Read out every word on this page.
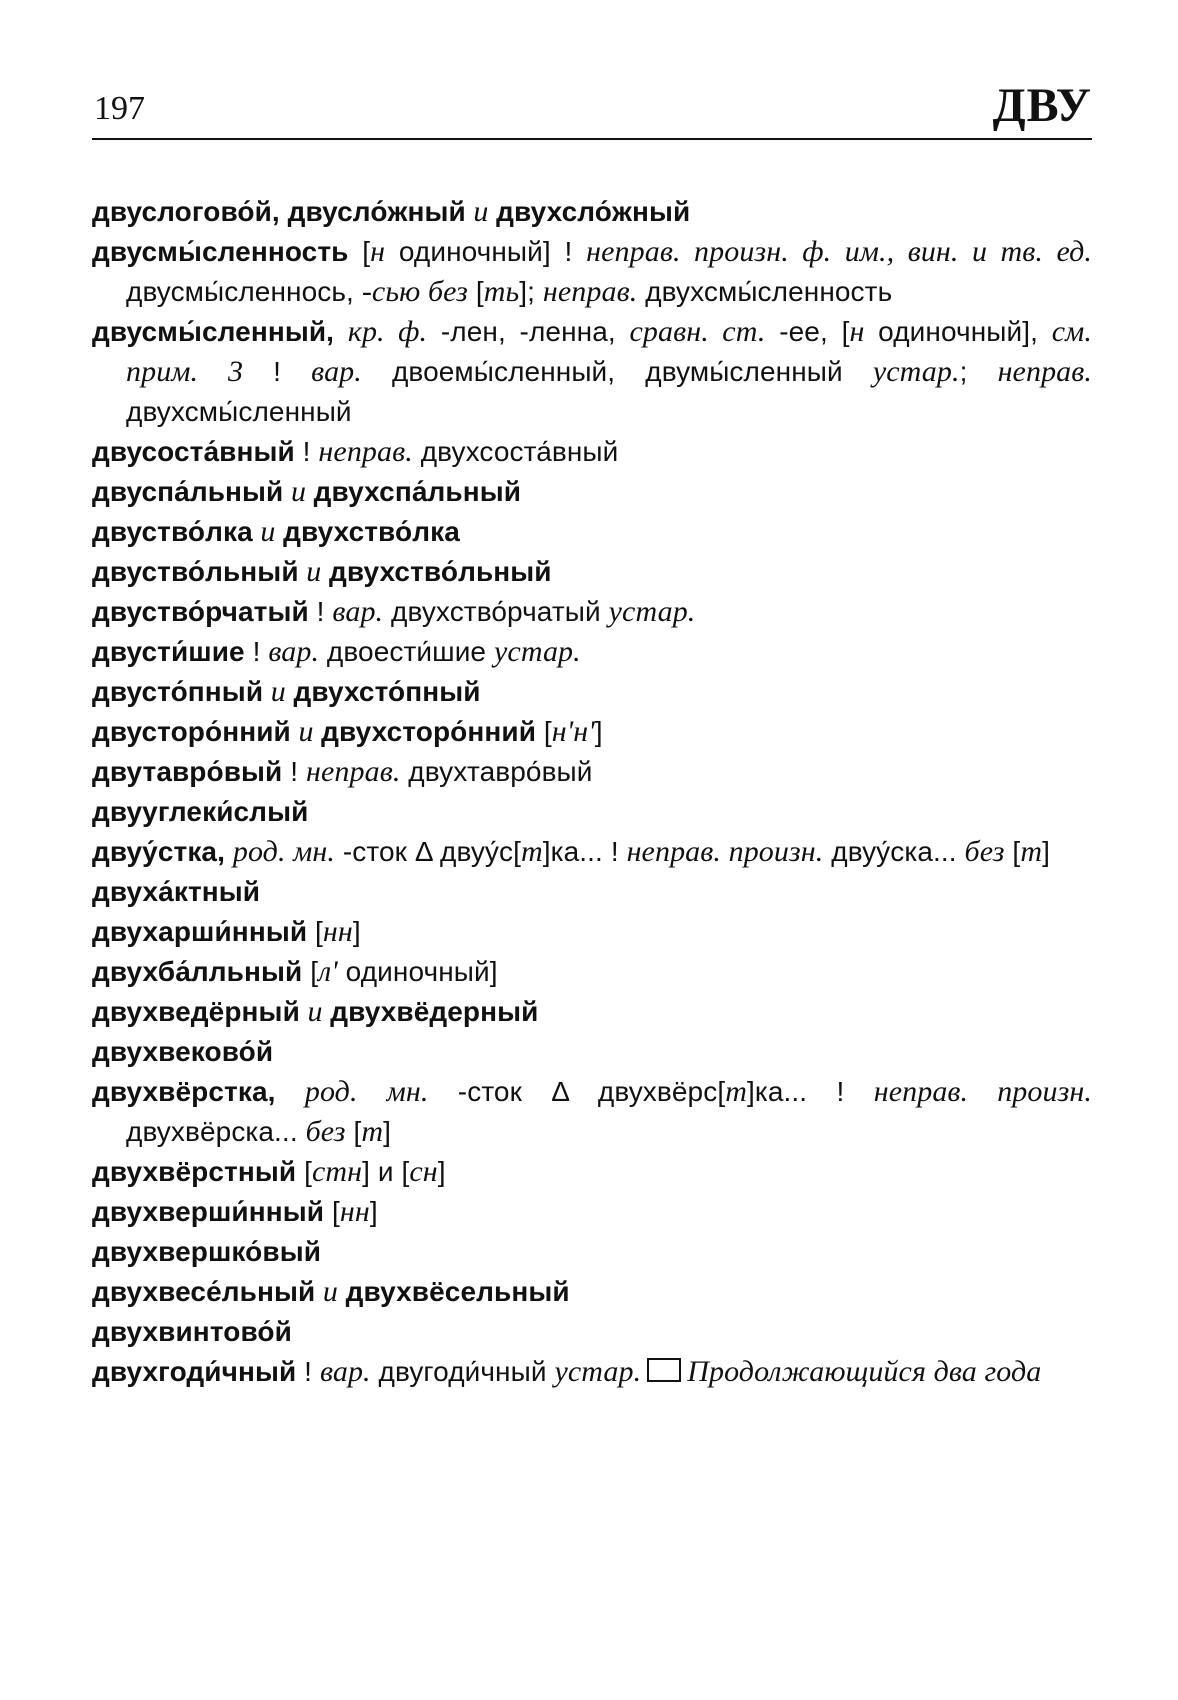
197	ДВУ
двуслогово́й, двусло́жный и двухсло́жный
двусмы́сленность [н одиночный] ! неправ. произн. ф. им., вин. и тв. ед. двусмы́сленнось, -сью без [mь]; неправ. двухсмы́сленность
двусмы́сленный, кр. ф. -лен, -ленна, сравн. ст. -ее, [н одиночный], см. прим. 3 ! вар. двоемы́сленный, двумы́сленный устар.; неправ. двухсмы́сленный
двусоста́вный ! неправ. двухсоста́вный
двуспа́льный и двухспа́льный
двуство́лка и двухство́лка
двуство́льный и двухство́льный
двуство́рчатый ! вар. двухство́рчатый устар.
двусти́шие ! вар. двоести́шие устар.
двусто́пный и двухсто́пный
двусторо́нний и двухсторо́нний [нʹнʹ]
двутавро́вый ! неправ. двухтавро́вый
двууглеки́слый
двуу́стка, род. мн. -сток Δ двуу́с[т]ка... ! неправ. произн. двуу́ска... без [т]
двуха́ктный
двухарши́нный [нн]
двухба́лльный [лʹ одиночный]
двухведёрный и двухвёдерный
двухвеково́й
двухвёрстка, род. мн. -сток Δ двухвёрс[т]ка... ! неправ. произн. двухвёрска... без [т]
двухвёрстный [стн] и [сн]
двухверши́нный [нн]
двухвершко́вый
двухвесе́льный и двухвёсельный
двухвинтово́й
двухгоди́чный ! вар. двугоди́чный устар. Продолжающийся два года
